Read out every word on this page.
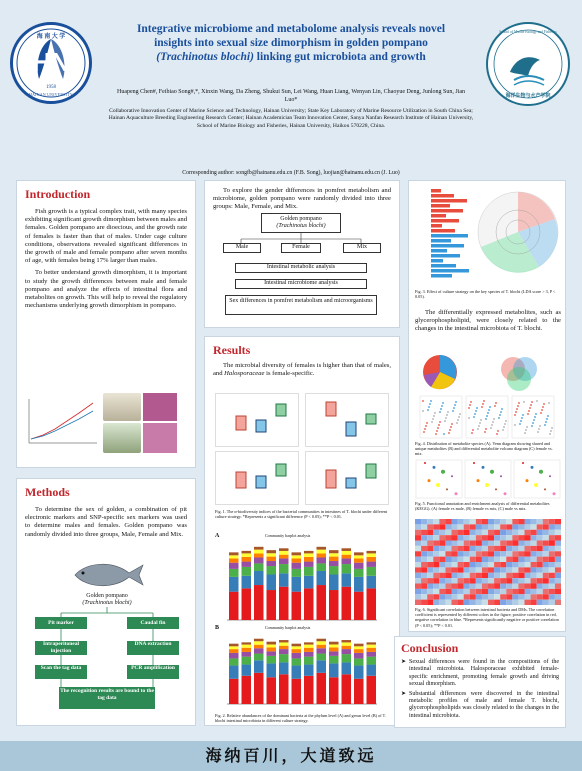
海 南 大 学
HN
1958
HAINAN UNIVERSITY
School of Marine Biology and Fisheries
海洋生物与水产学院
Integrative microbiome and metabolome analysis reveals novel
insights into sexual size dimorphism in golden pompano
(Trachinotus blochi) linking gut microbiota and growth
Huapeng Chen#, Feibiao Song#,*, Xinxin Wang, Da Zheng, Shukui Sun, Lei Wang, Huan Liang, Wenyan Lin, Chaoyue Deng, Junlong Sun, Jian Luo*
Collaborative Innovation Center of Marine Science and Technology, Hainan University; State Key Laboratory of Marine Resource Utilization in South China Sea; Hainan Aquaculture Breeding Engineering Research Center; Hainan Academician Team Innovation Center, Sanya Nanfan Research Institute of Hainan University, School of Marine Biology and Fisheries, Hainan University, Haikou 570228, China.
Corresponding author: songfb@hainanu.edu.cn (F.B. Song), luojian@hainanu.edu.cn (J. Luo)
Introduction

Fish growth is a typical complex trait, with many species exhibiting significant growth dimorphism between males and females. Golden pompano are dioecious, and the growth rate of females is faster than that of males. Under cage culture conditions, observations revealed significant differences in the growth of male and female pompano after seven months of age, with females being 17% larger than males.

To better understand growth dimorphism, it is important to study the growth differences between male and female pompano and analyze the effects of intestinal flora and metabolites on growth. This will help to reveal the regulatory mechanisms underlying growth dimorphism in pompano.

Methods

To determine the sex of golden, a combination of pit electronic markers and SNP-specific sex markers was used to determine males and females. Golden pompano was randomly divided into three groups, Male, Female and Mix.

Golden pompano
(Trachinotus blochi)
Pit marker
Intraperitoneal injection
Scan the tag data
Caudal fin
DNA extraction
PCR amplification
The recognition results are bound to the tag data

To explore the gender differences in pomfret metabolism and microbiome, golden pompano were randomly divided into three groups: Male, Female, and Mix.

Golden pompano
(Trachinotus blochi)
Male	Female	Mix
Intestinal metabolic analysis
Intestinal microbiome analysis
Sex differences in pomfret metabolism and microorganisms
Results

The microbial diversity of females is higher than that of males, and Halosporaceae is female-specific.

Fig. 1. The α-biodiversity indices of the bacterial communities in intestines of T. blochi under different culture strategy. *Represents a significant difference (P < 0.05); **P < 0.01.
A	Community barplot analysis
B	Community barplot analysis
Fig. 2. Relative abundances of the dominant bacteria at the phylum level (A) and genus level (B) of T. blochi intestinal microbiota in different culture strategy.
Fig. 3. Effect of culture strategy on the key species of T. blochi (LDA score > 3, P < 0.05).

The differentially expressed metabolites, such as glycerophospholipid, were closely related to the changes in the intestinal microbiota of T. blochi.

Fig. 4. Distribution of metabolite species (A). Venn diagram showing shared and unique metabolites (B) and differential metabolite volcano diagram (C) female vs. mix.
Fig. 5. Functional annotation and enrichment analysis of differential metabolites (KEGG). (A) female vs male, (B) female vs mix, (C) male vs mix.
Fig. 6. Significant correlation between intestinal bacteria and DMs. The correlation coefficient is represented by different colors in the figure; positive correlation in red, negative correlation in blue. *Represents significantly negative or positive correlation (P < 0.05); **P < 0.01.
Conclusion
➤ Sexual differences were found in the compositions of the intestinal microbiota. Halosporaceae exhibited female-specific enrichment, promoting female growth and driving sexual dimorphism.
➤ Substantial differences were discovered in the intestinal metabolic profiles of male and female T. blochi, glycerophospholipids was closely related to the changes in the intestinal microbiota.
海纳百川，大道致远
